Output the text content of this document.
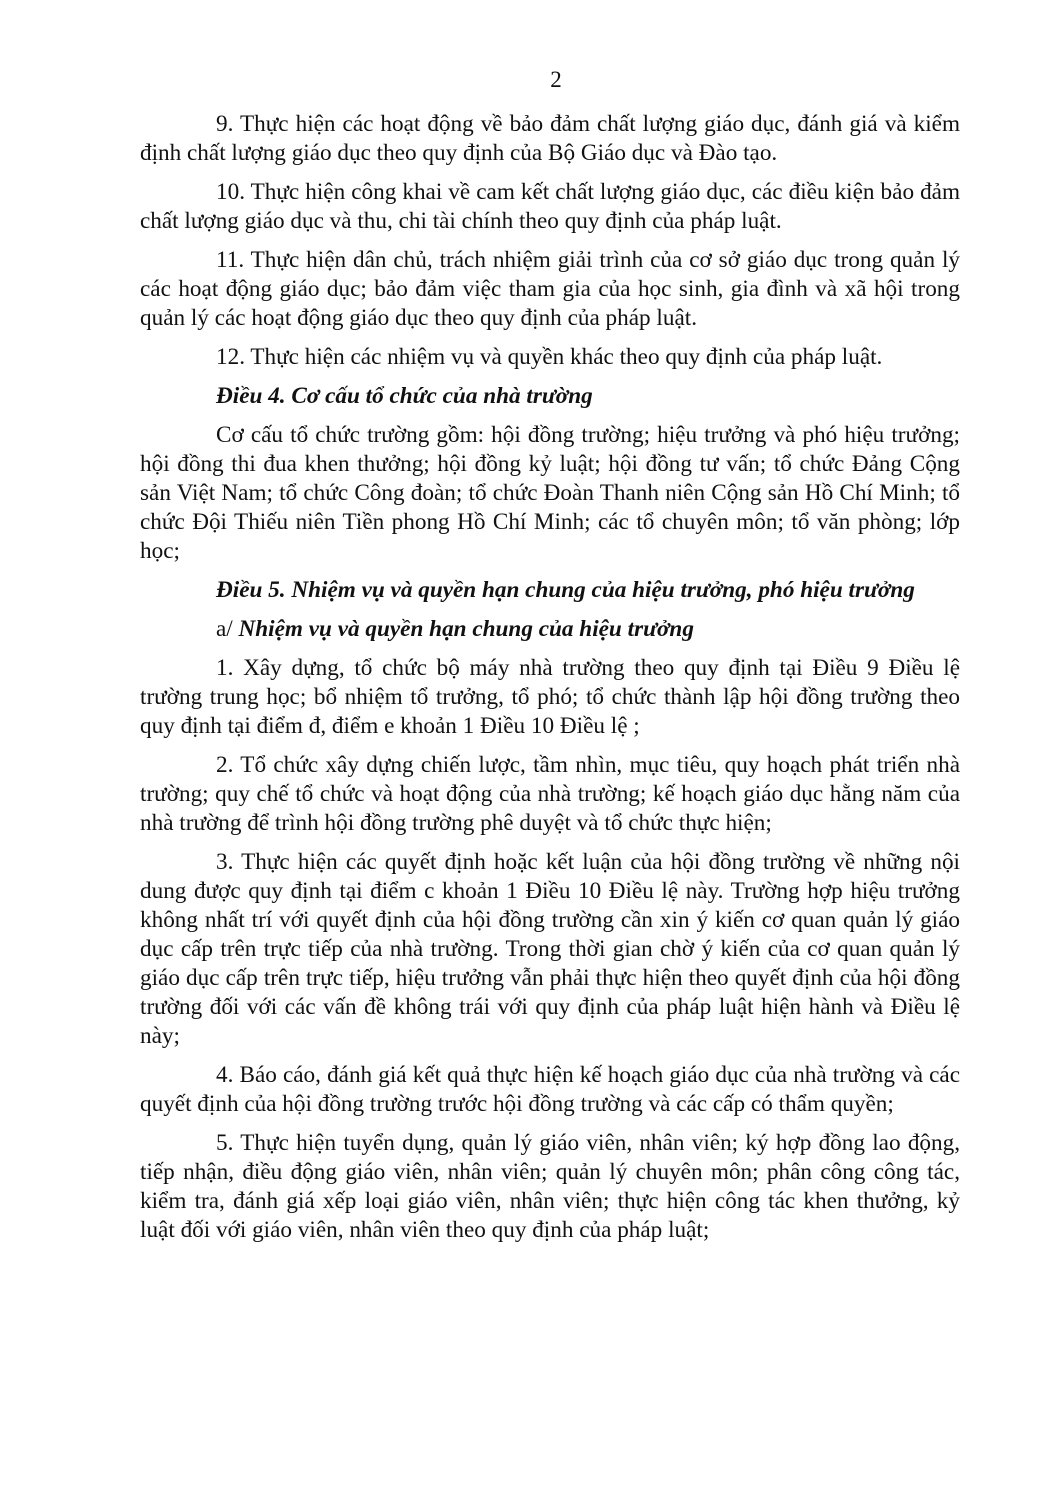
2

9. Thực hiện các hoạt động về bảo đảm chất lượng giáo dục, đánh giá và kiểm định chất lượng giáo dục theo quy định của Bộ Giáo dục và Đào tạo.

10. Thực hiện công khai về cam kết chất lượng giáo dục, các điều kiện bảo đảm chất lượng giáo dục và thu, chi tài chính theo quy định của pháp luật.

11. Thực hiện dân chủ, trách nhiệm giải trình của cơ sở giáo dục trong quản lý các hoạt động giáo dục; bảo đảm việc tham gia của học sinh, gia đình và xã hội trong quản lý các hoạt động giáo dục theo quy định của pháp luật.

12. Thực hiện các nhiệm vụ và quyền khác theo quy định của pháp luật.

Điều 4. Cơ cấu tổ chức của nhà trường

Cơ cấu tổ chức trường gồm: hội đồng trường; hiệu trưởng và phó hiệu trưởng; hội đồng thi đua khen thưởng; hội đồng kỷ luật; hội đồng tư vấn; tổ chức Đảng Cộng sản Việt Nam; tổ chức Công đoàn; tổ chức Đoàn Thanh niên Cộng sản Hồ Chí Minh; tổ chức Đội Thiếu niên Tiền phong Hồ Chí Minh; các tổ chuyên môn; tổ văn phòng; lớp học;

Điều 5. Nhiệm vụ và quyền hạn chung của hiệu trưởng, phó hiệu trưởng

a/ Nhiệm vụ và quyền hạn chung của hiệu trưởng

1. Xây dựng, tổ chức bộ máy nhà trường theo quy định tại Điều 9 Điều lệ trường trung học; bổ nhiệm tổ trưởng, tổ phó; tổ chức thành lập hội đồng trường theo quy định tại điểm đ, điểm e khoản 1 Điều 10 Điều lệ ;

2. Tổ chức xây dựng chiến lược, tầm nhìn, mục tiêu, quy hoạch phát triển nhà trường; quy chế tổ chức và hoạt động của nhà trường; kế hoạch giáo dục hằng năm của nhà trường để trình hội đồng trường phê duyệt và tổ chức thực hiện;

3. Thực hiện các quyết định hoặc kết luận của hội đồng trường về những nội dung được quy định tại điểm c khoản 1 Điều 10 Điều lệ này. Trường hợp hiệu trưởng không nhất trí với quyết định của hội đồng trường cần xin ý kiến cơ quan quản lý giáo dục cấp trên trực tiếp của nhà trường. Trong thời gian chờ ý kiến của cơ quan quản lý giáo dục cấp trên trực tiếp, hiệu trưởng vẫn phải thực hiện theo quyết định của hội đồng trường đối với các vấn đề không trái với quy định của pháp luật hiện hành và Điều lệ này;

4. Báo cáo, đánh giá kết quả thực hiện kế hoạch giáo dục của nhà trường và các quyết định của hội đồng trường trước hội đồng trường và các cấp có thẩm quyền;

5. Thực hiện tuyển dụng, quản lý giáo viên, nhân viên; ký hợp đồng lao động, tiếp nhận, điều động giáo viên, nhân viên; quản lý chuyên môn; phân công công tác, kiểm tra, đánh giá xếp loại giáo viên, nhân viên; thực hiện công tác khen thưởng, kỷ luật đối với giáo viên, nhân viên theo quy định của pháp luật;
